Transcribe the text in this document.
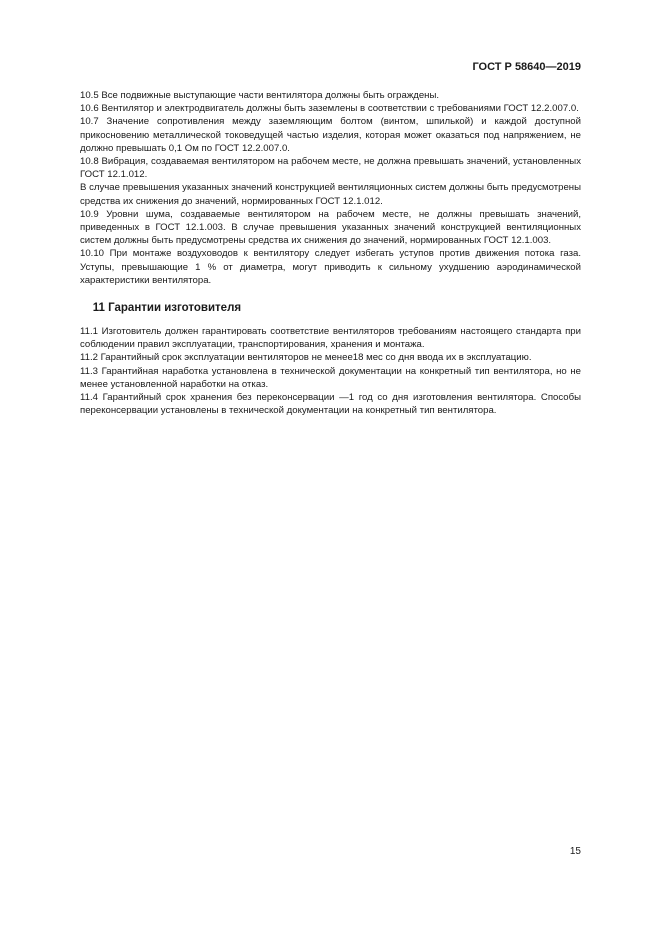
ГОСТ Р 58640—2019

10.5 Все подвижные выступающие части вентилятора должны быть ограждены.

10.6 Вентилятор и электродвигатель должны быть заземлены в соответствии с требованиями ГОСТ 12.2.007.0.

10.7 Значение сопротивления между заземляющим болтом (винтом, шпилькой) и каждой доступной прикосновению металлической токоведущей частью изделия, которая может оказаться под напряжением, не должно превышать 0,1 Ом по ГОСТ 12.2.007.0.

10.8 Вибрация, создаваемая вентилятором на рабочем месте, не должна превышать значений, установленных ГОСТ 12.1.012.

В случае превышения указанных значений конструкцией вентиляционных систем должны быть предусмотрены средства их снижения до значений, нормированных ГОСТ 12.1.012.

10.9 Уровни шума, создаваемые вентилятором на рабочем месте, не должны превышать значений, приведенных в ГОСТ 12.1.003. В случае превышения указанных значений конструкцией вентиляционных систем должны быть предусмотрены средства их снижения до значений, нормированных ГОСТ 12.1.003.

10.10 При монтаже воздуховодов к вентилятору следует избегать уступов против движения потока газа. Уступы, превышающие 1 % от диаметра, могут приводить к сильному ухудшению аэродинамической характеристики вентилятора.

11 Гарантии изготовителя

11.1 Изготовитель должен гарантировать соответствие вентиляторов требованиям настоящего стандарта при соблюдении правил эксплуатации, транспортирования, хранения и монтажа.

11.2 Гарантийный срок эксплуатации вентиляторов не менее18 мес со дня ввода их в эксплуатацию.

11.3 Гарантийная наработка установлена в технической документации на конкретный тип вентилятора, но не менее установленной наработки на отказ.

11.4 Гарантийный срок хранения без переконсервации —1 год со дня изготовления вентилятора. Способы переконсервации установлены в технической документации на конкретный тип вентилятора.

15
